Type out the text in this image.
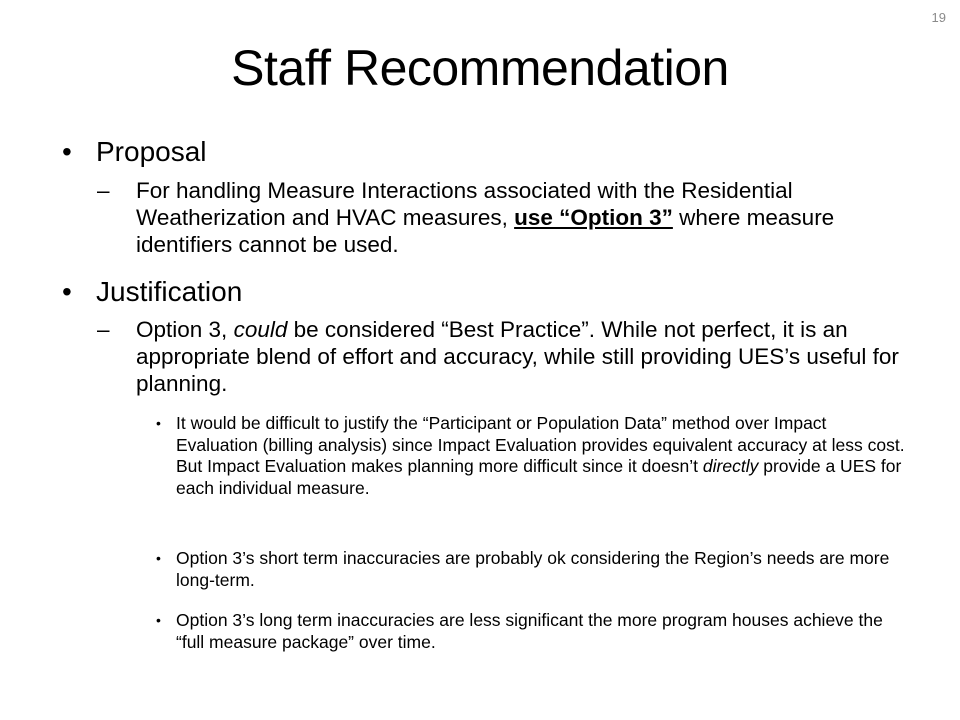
19
Staff Recommendation
• Proposal
– For handling Measure Interactions associated with the Residential Weatherization and HVAC measures, use “Option 3” where measure identifiers cannot be used.
• Justification
– Option 3, could be considered “Best Practice”. While not perfect, it is an appropriate blend of effort and accuracy, while still providing UES’s useful for planning.
• It would be difficult to justify the “Participant or Population Data” method over Impact Evaluation (billing analysis) since Impact Evaluation provides equivalent accuracy at less cost. But Impact Evaluation makes planning more difficult since it doesn’t directly provide a UES for each individual measure.
• Option 3’s short term inaccuracies are probably ok considering the Region’s needs are more long-term.
• Option 3’s long term inaccuracies are less significant the more program houses achieve the “full measure package” over time.
